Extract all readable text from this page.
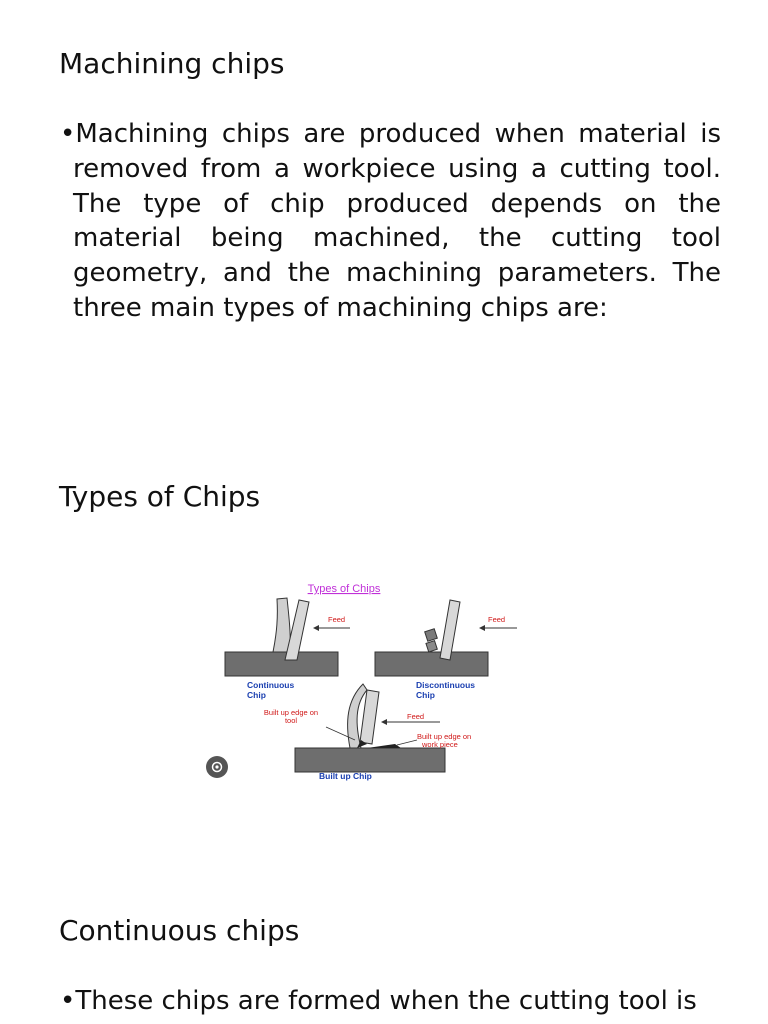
Machining chips

•Machining chips are produced when material is removed from a workpiece using a cutting tool. The type of chip produced depends on the material being machined, the cutting tool geometry, and the machining parameters. The three main types of machining chips are:

Types of Chips
Types of Chips
Feed
Continuous
Chip
Feed
Discontinuous
Chip
Feed
Built up edge on
tool
Built up edge on
work piece
Built up Chip
Continuous chips

•These chips are formed when the cutting tool is
